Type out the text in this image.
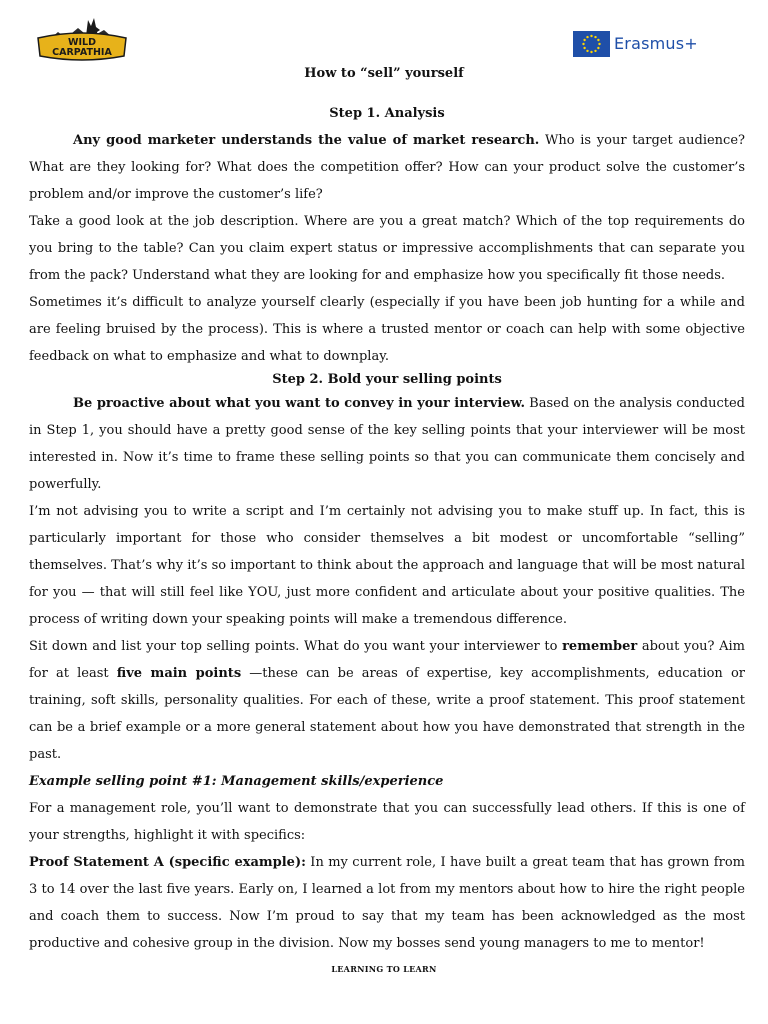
WILD
CARPATHIA	Erasmus+
How to “sell” yourself

Step 1. Analysis

Any good marketer understands the value of market research. Who is your target audience? What are they looking for? What does the competition offer? How can your product solve the customer’s problem and/or improve the customer’s life?

Take a good look at the job description. Where are you a great match? Which of the top requirements do you bring to the table? Can you claim expert status or impressive accomplishments that can separate you from the pack? Understand what they are looking for and emphasize how you specifically fit those needs.

Sometimes it’s difficult to analyze yourself clearly (especially if you have been job hunting for a while and are feeling bruised by the process). This is where a trusted mentor or coach can help with some objective feedback on what to emphasize and what to downplay.

Step 2. Bold your selling points

Be proactive about what you want to convey in your interview. Based on the analysis conducted in Step 1, you should have a pretty good sense of the key selling points that your interviewer will be most interested in. Now it’s time to frame these selling points so that you can communicate them concisely and powerfully.

I’m not advising you to write a script and I’m certainly not advising you to make stuff up. In fact, this is particularly important for those who consider themselves a bit modest or uncomfortable “selling” themselves. That’s why it’s so important to think about the approach and language that will be most natural for you — that will still feel like YOU, just more confident and articulate about your positive qualities. The process of writing down your speaking points will make a tremendous difference.

Sit down and list your top selling points. What do you want your interviewer to remember about you? Aim for at least five main points —these can be areas of expertise, key accomplishments, education or training, soft skills, personality qualities. For each of these, write a proof statement. This proof statement can be a brief example or a more general statement about how you have demonstrated that strength in the past.

Example selling point #1: Management skills/experience

For a management role, you’ll want to demonstrate that you can successfully lead others. If this is one of your strengths, highlight it with specifics:

Proof Statement A (specific example): In my current role, I have built a great team that has grown from 3 to 14 over the last five years. Early on, I learned a lot from my mentors about how to hire the right people and coach them to success. Now I’m proud to say that my team has been acknowledged as the most productive and cohesive group in the division. Now my bosses send young managers to me to mentor!

LEARNING TO LEARN
